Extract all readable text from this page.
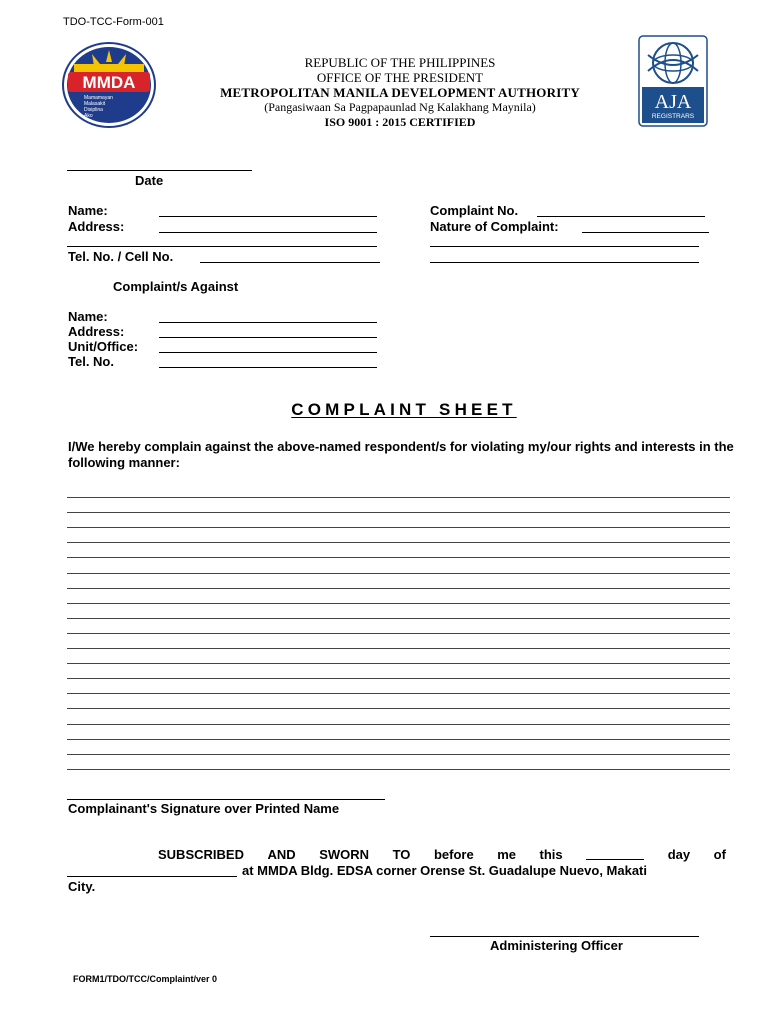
TDO-TCC-Form-001
MMDA
Mamamayan
Malasakit
Disiplina
Ako
REPUBLIC OF THE PHILIPPINES
OFFICE OF THE PRESIDENT
METROPOLITAN MANILA DEVELOPMENT AUTHORITY
(Pangasiwaan Sa Pagpapaunlad Ng Kalakhang Maynila)
ISO 9001 : 2015 CERTIFIED
AJA
REGISTRARS
Date
Name:
Address:
Tel. No. / Cell No.
Complaint No.
Nature of Complaint:
Complaint/s Against
Name:
Address:
Unit/Office:
Tel. No.
COMPLAINT SHEET
I/We hereby complain against the above-named respondent/s for violating my/our rights and interests in the following manner:
Complainant's Signature over Printed Name
SUBSCRIBED AND SWORN TO before me this	day of
at MMDA Bldg. EDSA corner Orense St. Guadalupe Nuevo, Makati
City.
Administering Officer
FORM1/TDO/TCC/Complaint/ver 0
